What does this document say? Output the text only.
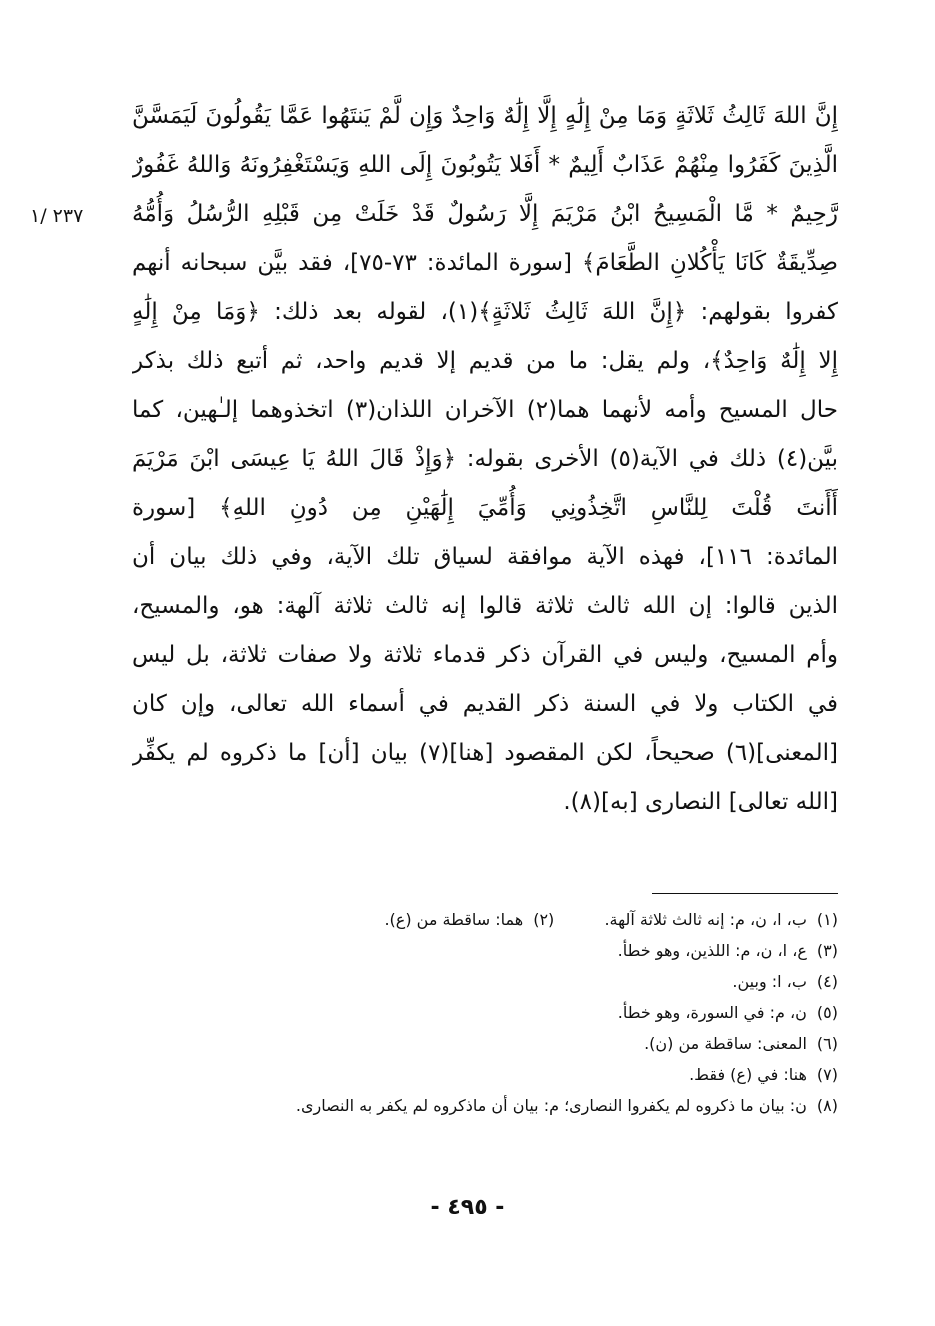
٢٣٧ /١
إِنَّ اللهَ ثَالِثُ ثَلاثَةٍ وَمَا مِنْ إِلَٰهٍ إِلَّا إِلَٰهٌ وَاحِدٌ وَإِن لَّمْ يَنتَهُوا عَمَّا يَقُولُونَ لَيَمَسَّنَّ
الَّذِينَ كَفَرُوا مِنْهُمْ عَذَابٌ أَلِيمٌ * أَفَلا يَتُوبُونَ إِلَى اللهِ وَيَسْتَغْفِرُونَهُ وَاللهُ غَفُورٌ
رَّحِيمٌ * مَّا الْمَسِيحُ ابْنُ مَرْيَمَ إِلَّا رَسُولٌ قَدْ خَلَتْ مِن قَبْلِهِ الرُّسُلُ وَأُمُّهُ
صِدِّيقَةٌ كَانَا يَأْكُلانِ الطَّعَامَ﴾ [سورة المائدة: ٧٣-٧٥]، فقد بيَّن سبحانه أنهم
كفروا بقولهم: ﴿إِنَّ اللهَ ثَالِثُ ثَلاثَةٍ﴾(١)، لقوله بعد ذلك: ﴿وَمَا مِنْ إِلَٰهٍ
إِلا إِلَٰهٌ وَاحِدٌ﴾، ولم يقل: ما من قديم إلا قديم واحد، ثم أتبع ذلك بذكر
حال المسيح وأمه لأنهما هما(٢) الآخران اللذان(٣) اتخذوهما إلـٰهين، كما
بيَّن(٤) ذلك في الآية(٥) الأخرى بقوله: ﴿وَإِذْ قَالَ اللهُ يَا عِيسَى ابْنَ مَرْيَمَ
أَأَنتَ قُلْتَ لِلنَّاسِ اتَّخِذُونِي وَأُمِّيَ إِلَٰهَيْنِ مِن دُونِ اللهِ﴾ [سورة
المائدة: ١١٦]، فهذه الآية موافقة لسياق تلك الآية، وفي ذلك بيان أن
الذين قالوا: إن الله ثالث ثلاثة قالوا إنه ثالث ثلاثة آلهة: هو، والمسيح،
وأم المسيح، وليس في القرآن ذكر قدماء ثلاثة ولا صفات ثلاثة، بل ليس
في الكتاب ولا في السنة ذكر القديم في أسماء الله تعالى، وإن كان
[المعنى](٦) صحيحاً، لكن المقصود [هنا](٧) بيان [أن] ما ذكروه لم يكفِّر
[الله تعالى] النصارى [به](٨).
(١)ب، ا، ن، م: إنه ثالث ثلاثة آلهة.  (٢)هما: ساقطة من (ع).
(٣)ع، ا، ن، م: اللذين، وهو خطأ.
(٤)ب، ا: وبين.
(٥)ن، م: في السورة، وهو خطأ.
(٦)المعنى: ساقطة من (ن).
(٧)هنا: في (ع) فقط.
(٨)ن: بيان ما ذكروه لم يكفروا النصارى؛ م: بيان أن ماذكروه لم يكفر به النصارى.
- ٤٩٥ -
